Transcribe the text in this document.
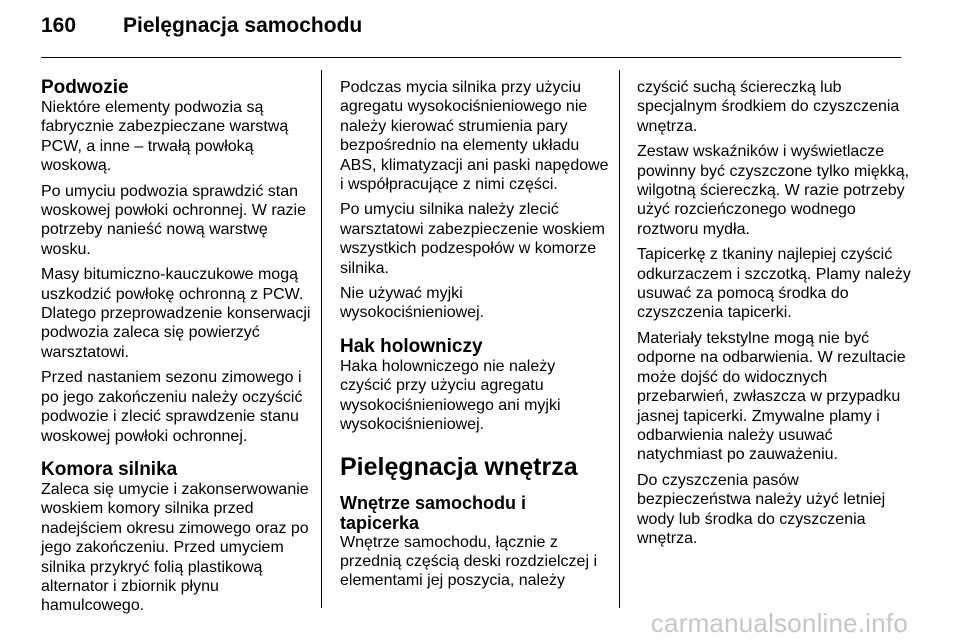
160 Pielęgnacja samochodu
Podwozie

Niektóre elementy podwozia są fabrycznie zabezpieczane warstwą PCW, a inne – trwałą powłoką woskową.

Po umyciu podwozia sprawdzić stan woskowej powłoki ochronnej. W razie potrzeby nanieść nową warstwę wosku.

Masy bitumiczno-kauczukowe mogą uszkodzić powłokę ochronną z PCW. Dlatego przeprowadzenie konserwacji podwozia zaleca się powierzyć warsztatowi.

Przed nastaniem sezonu zimowego i po jego zakończeniu należy oczyścić podwozie i zlecić sprawdzenie stanu woskowej powłoki ochronnej.

Komora silnika

Zaleca się umycie i zakonserwowanie woskiem komory silnika przed nadejściem okresu zimowego oraz po jego zakończeniu. Przed umyciem silnika przykryć folią plastikową alternator i zbiornik płynu hamulcowego.

Podczas mycia silnika przy użyciu agregatu wysokociśnieniowego nie należy kierować strumienia pary bezpośrednio na elementy układu ABS, klimatyzacji ani paski napędowe i współpracujące z nimi części.

Po umyciu silnika należy zlecić warsztatowi zabezpieczenie woskiem wszystkich podzespołów w komorze silnika.

Nie używać myjki wysokociśnieniowej.

Hak holowniczy

Haka holowniczego nie należy czyścić przy użyciu agregatu wysokociśnieniowego ani myjki wysokociśnieniowej.

Pielęgnacja wnętrza
Wnętrze samochodu i tapicerka

Wnętrze samochodu, łącznie z przednią częścią deski rozdzielczej i elementami jej poszycia, należy

czyścić suchą ściereczką lub specjalnym środkiem do czyszczenia wnętrza.

Zestaw wskaźników i wyświetlacze powinny być czyszczone tylko miękką, wilgotną ściereczką. W razie potrzeby użyć rozcieńczonego wodnego roztworu mydła.

Tapicerkę z tkaniny najlepiej czyścić odkurzaczem i szczotką. Plamy należy usuwać za pomocą środka do czyszczenia tapicerki.

Materiały tekstylne mogą nie być odporne na odbarwienia. W rezultacie może dojść do widocznych przebarwień, zwłaszcza w przypadku jasnej tapicerki. Zmywalne plamy i odbarwienia należy usuwać natychmiast po zauważeniu.

Do czyszczenia pasów bezpieczeństwa należy użyć letniej wody lub środka do czyszczenia wnętrza.

carmanualsonline.info
